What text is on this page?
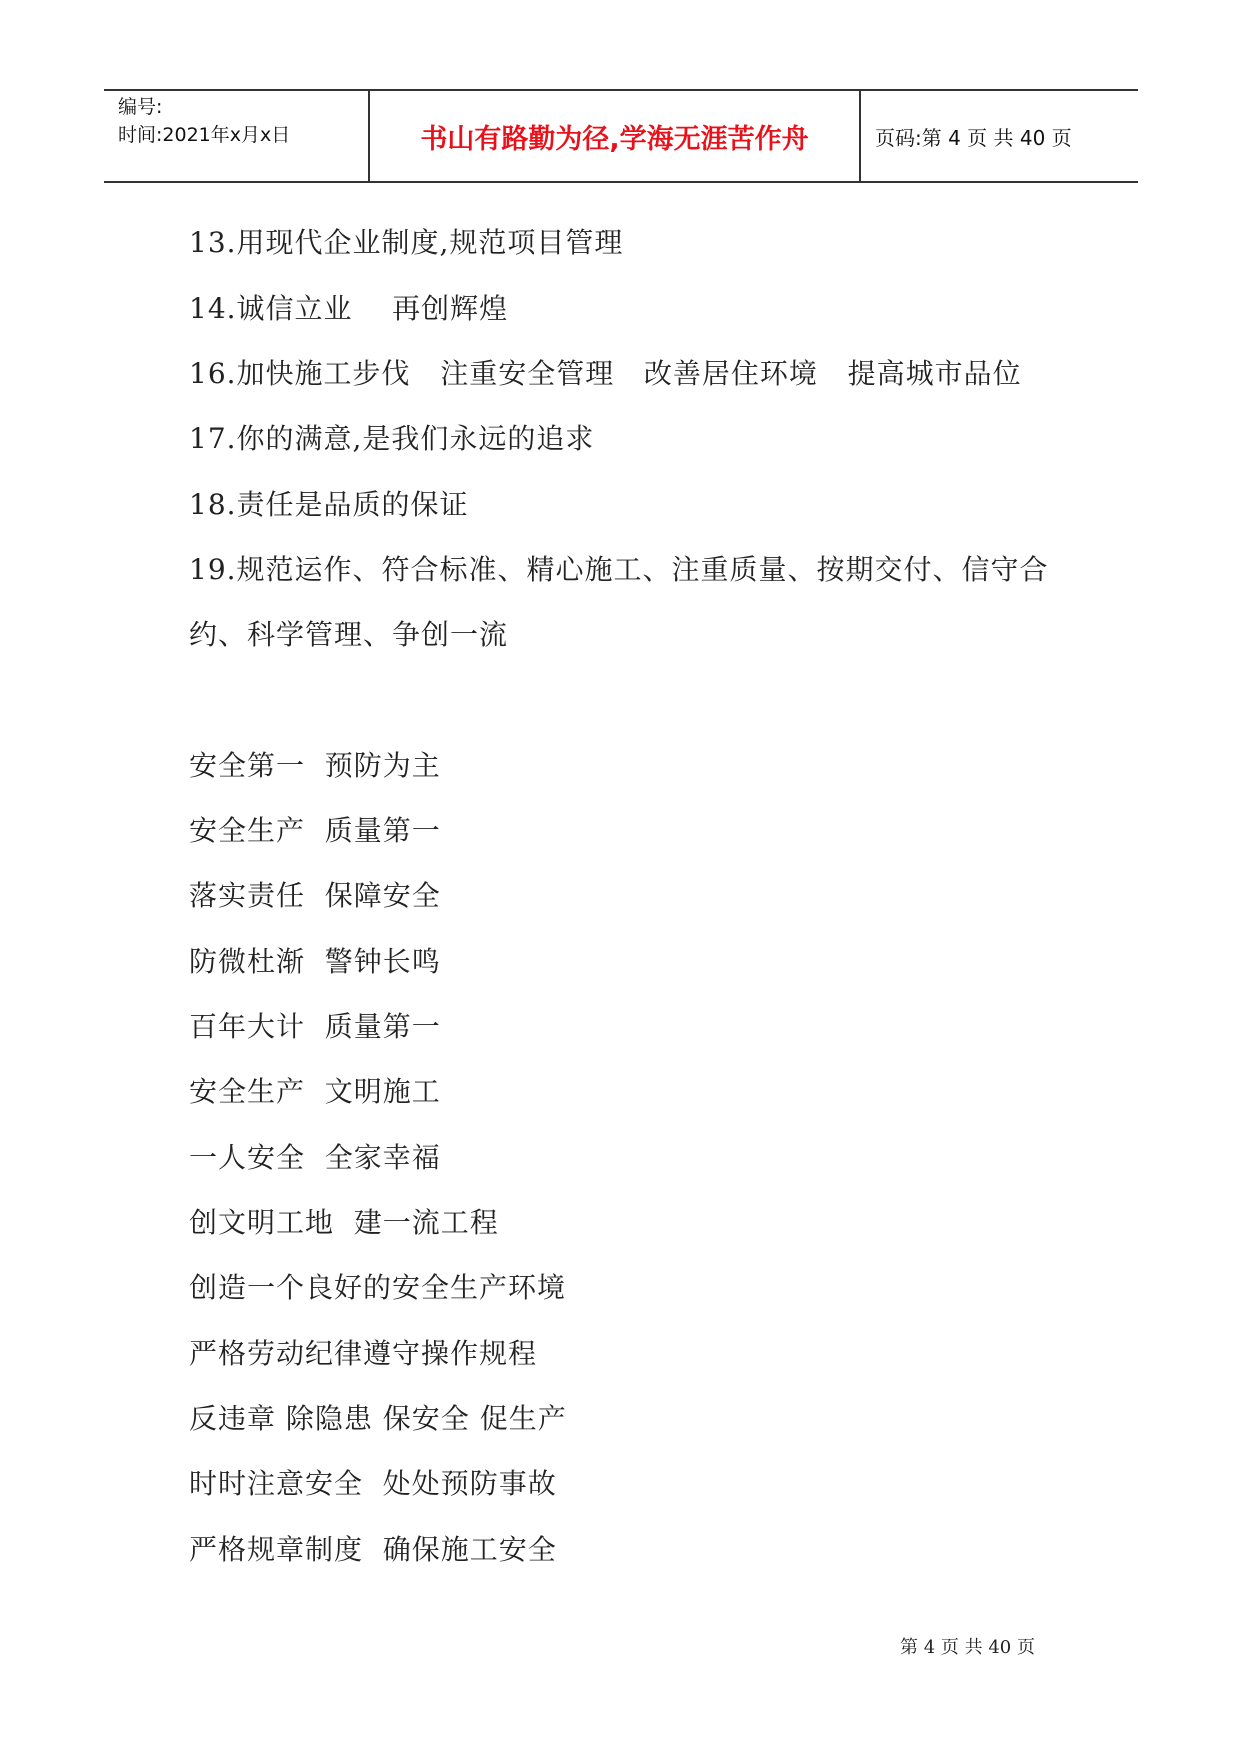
编号:
时间:2021年x月x日	书山有路勤为径,学海无涯苦作舟	页码:第 4 页 共 40 页
13.用现代企业制度,规范项目管理
14.诚信立业    再创辉煌
16.加快施工步伐   注重安全管理   改善居住环境   提高城市品位
17.你的满意,是我们永远的追求
18.责任是品质的保证
19.规范运作、符合标准、精心施工、注重质量、按期交付、信守合
约、科学管理、争创一流
安全第一  预防为主
安全生产  质量第一
落实责任  保障安全
防微杜渐  警钟长鸣
百年大计  质量第一
安全生产  文明施工
一人安全  全家幸福
创文明工地  建一流工程
创造一个良好的安全生产环境
严格劳动纪律遵守操作规程
反违章 除隐患 保安全 促生产
时时注意安全  处处预防事故
严格规章制度  确保施工安全
第 4 页 共 40 页
